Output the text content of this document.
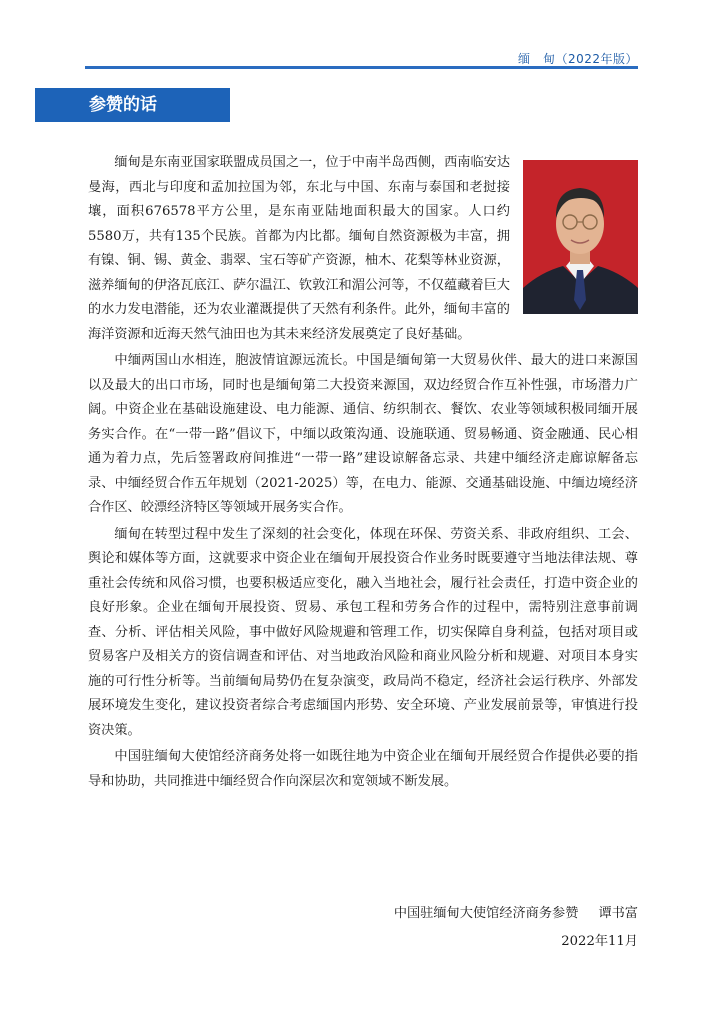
缅　甸（2022年版）
参赞的话

缅甸是东南亚国家联盟成员国之一，位于中南半岛西侧，西南临安达曼海，西北与印度和孟加拉国为邻，东北与中国、东南与泰国和老挝接壤，面积676578平方公里，是东南亚陆地面积最大的国家。人口约5580万，共有135个民族。首都为内比都。缅甸自然资源极为丰富，拥有镍、铜、锡、黄金、翡翠、宝石等矿产资源，柚木、花梨等林业资源，滋养缅甸的伊洛瓦底江、萨尔温江、钦敦江和湄公河等，不仅蕴藏着巨大的水力发电潜能，还为农业灌溉提供了天然有利条件。此外，缅甸丰富的海洋资源和近海天然气油田也为其未来经济发展奠定了良好基础。

中缅两国山水相连，胞波情谊源远流长。中国是缅甸第一大贸易伙伴、最大的进口来源国以及最大的出口市场，同时也是缅甸第二大投资来源国，双边经贸合作互补性强，市场潜力广阔。中资企业在基础设施建设、电力能源、通信、纺织制衣、餐饮、农业等领域积极同缅开展务实合作。在“一带一路”倡议下，中缅以政策沟通、设施联通、贸易畅通、资金融通、民心相通为着力点，先后签署政府间推进“一带一路”建设谅解备忘录、共建中缅经济走廊谅解备忘录、中缅经贸合作五年规划（2021-2025）等，在电力、能源、交通基础设施、中缅边境经济合作区、皎漂经济特区等领域开展务实合作。

缅甸在转型过程中发生了深刻的社会变化，体现在环保、劳资关系、非政府组织、工会、舆论和媒体等方面，这就要求中资企业在缅甸开展投资合作业务时既要遵守当地法律法规、尊重社会传统和风俗习惯，也要积极适应变化，融入当地社会，履行社会责任，打造中资企业的良好形象。企业在缅甸开展投资、贸易、承包工程和劳务合作的过程中，需特别注意事前调查、分析、评估相关风险，事中做好风险规避和管理工作，切实保障自身利益，包括对项目或贸易客户及相关方的资信调查和评估、对当地政治风险和商业风险分析和规避、对项目本身实施的可行性分析等。当前缅甸局势仍在复杂演变，政局尚不稳定，经济社会运行秩序、外部发展环境发生变化，建议投资者综合考虑缅国内形势、安全环境、产业发展前景等，审慎进行投资决策。

中国驻缅甸大使馆经济商务处将一如既往地为中资企业在缅甸开展经贸合作提供必要的指导和协助，共同推进中缅经贸合作向深层次和宽领域不断发展。

中国驻缅甸大使馆经济商务参赞 谭书富
2022年11月
